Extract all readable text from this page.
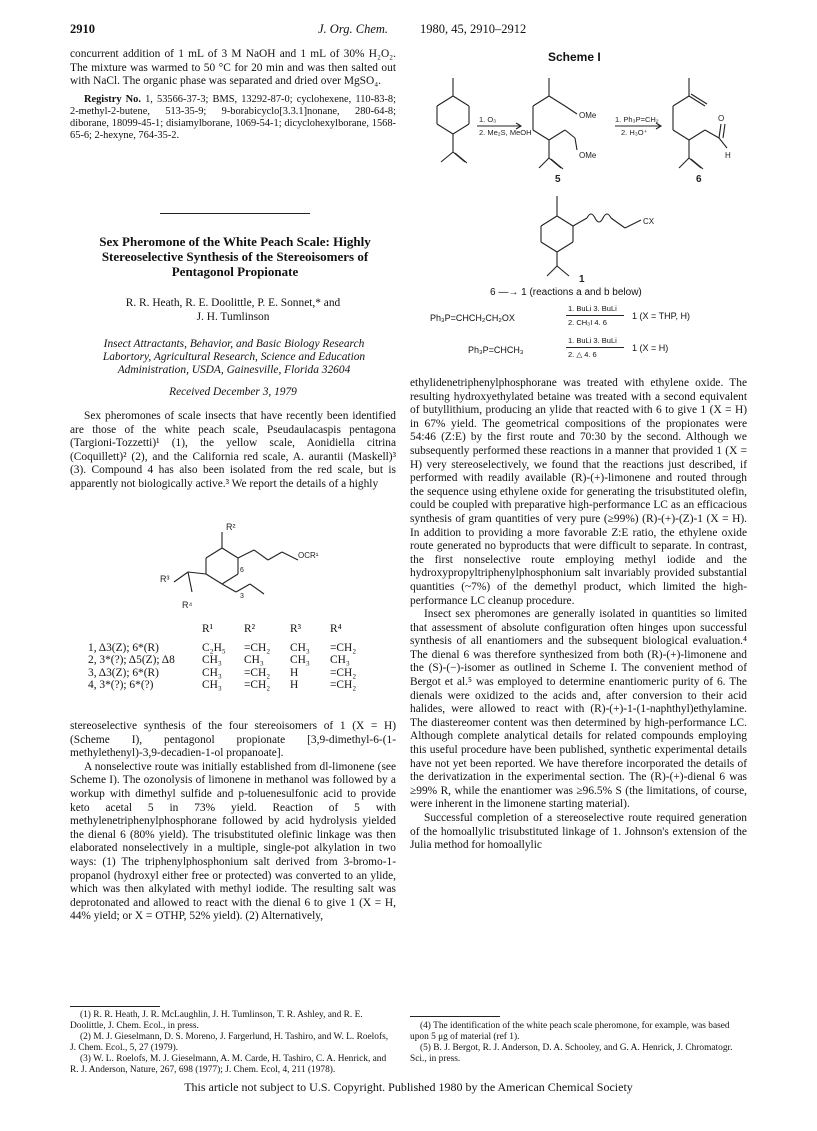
2910	J. Org. Chem.	1980, 45, 2910–2912

concurrent addition of 1 mL of 3 M NaOH and 1 mL of 30% H₂O₂. The mixture was warmed to 50 °C for 20 min and was then salted out with NaCl. The organic phase was separated and dried over MgSO₄.

Registry No. 1, 53566-37-3; BMS, 13292-87-0; cyclohexene, 110-83-8; 2-methyl-2-butene, 513-35-9; 9-borabicyclo[3.3.1]nonane, 280-64-8; diborane, 18099-45-1; disiamylborane, 1069-54-1; dicyclohexylborane, 1568-65-6; 2-hexyne, 764-35-2.

Sex Pheromone of the White Peach Scale: Highly Stereoselective Synthesis of the Stereoisomers of Pentagonol Propionate
R. R. Heath, R. E. Doolittle, P. E. Sonnet,* and
J. H. Tumlinson
Insect Attractants, Behavior, and Basic Biology Research Labortory, Agricultural Research, Science and Education Administration, USDA, Gainesville, Florida 32604
Received December 3, 1979

Sex pheromones of scale insects that have recently been identified are those of the white peach scale, Pseudaulacaspis pentagona (Targioni-Tozzetti)¹ (1), the yellow scale, Aonidiella citrina (Coquillett)² (2), and the California red scale, A. aurantii (Maskell)³ (3). Compound 4 has also been isolated from the red scale, but is apparently not biologically active.³ We report the details of a highly

R²
OCR¹
R³
R⁴
6
3
	R¹	R²	R³	R⁴

1, Δ3(Z); 6*(R)	C₂H₅	=CH₂	CH₃	=CH₂
2, 3*(?); Δ5(Z); Δ8	CH₃	CH₃	CH₃	CH₃
3, Δ3(Z); 6*(R)	CH₃	=CH₂	H	=CH₂
4, 3*(?); 6*(?)	CH₃	=CH₂	H	=CH₂

stereoselective synthesis of the four stereoisomers of 1 (X = H) (Scheme I), pentagonol propionate [3,9-dimethyl-6-(1-methylethenyl)-3,9-decadien-1-ol propanoate].

A nonselective route was initially established from dl-limonene (see Scheme I). The ozonolysis of limonene in methanol was followed by a workup with dimethyl sulfide and p-toluenesulfonic acid to provide keto acetal 5 in 73% yield. Reaction of 5 with methylenetriphenylphosphorane followed by acid hydrolysis yielded the dienal 6 (80% yield). The trisubstituted olefinic linkage was then elaborated nonselectively in a multiple, single-pot alkylation in two ways: (1) The triphenylphosphonium salt derived from 3-bromo-1-propanol (hydroxyl either free or protected) was converted to an ylide, which was then alkylated with methyl iodide. The resulting salt was deprotonated and allowed to react with the dienal 6 to give 1 (X = H, 44% yield; or X = OTHP, 52% yield). (2) Alternatively,

(1) R. R. Heath, J. R. McLaughlin, J. H. Tumlinson, T. R. Ashley, and R. E. Doolittle, J. Chem. Ecol., in press.
(2) M. J. Gieselmann, D. S. Moreno, J. Fargerlund, H. Tashiro, and W. L. Roelofs, J. Chem. Ecol., 5, 27 (1979).
(3) W. L. Roelofs, M. J. Gieselmann, A. M. Carde, H. Tashiro, C. A. Henrick, and R. J. Anderson, Nature, 267, 698 (1977); J. Chem. Ecol, 4, 211 (1978).
Scheme I
1. O₃
2. Me₂S, MeOH
OMe
OMe
1. Ph₃P=CH₂
2. H₃O⁺
O
H
5	6
CX
1
6 —→ 1 (reactions a and b below)
Ph₃P=CHCH₂CH₂OX
1. BuLi 3. BuLi
2. CH₃I 4. 6
1 (X = THP, H)
Ph₃P=CHCH₃
1. BuLi 3. BuLi
2. △ 4. 6
1 (X = H)

ethylidenetriphenylphosphorane was treated with ethylene oxide. The resulting hydroxyethylated betaine was treated with a second equivalent of butyllithium, producing an ylide that reacted with 6 to give 1 (X = H) in 67% yield. The geometrical compositions of the propionates were 54:46 (Z:E) by the first route and 70:30 by the second. Although we subsequently performed these reactions in a manner that provided 1 (X = H) very stereoselectively, we found that the reactions just described, if performed with readily available (R)-(+)-limonene and routed through the sequence using ethylene oxide for generating the trisubstituted olefin, could be coupled with preparative high-performance LC as an efficacious synthesis of gram quantities of very pure (≥99%) (R)-(+)-(Z)-1 (X = H). In addition to providing a more favorable Z:E ratio, the ethylene oxide route generated no byproducts that were difficult to separate. In contrast, the first nonselective route employing methyl iodide and the hydroxypropyltriphenylphosphonium salt invariably provided substantial quantities (~7%) of the demethyl product, which limited the high-performance LC cleanup procedure.

Insect sex pheromones are generally isolated in quantities so limited that assessment of absolute configuration often hinges upon successful synthesis of all enantiomers and the subsequent biological evaluation.⁴ The dienal 6 was therefore synthesized from both (R)-(+)-limonene and the (S)-(−)-isomer as outlined in Scheme I. The convenient method of Bergot et al.⁵ was employed to determine enantiomeric purity of 6. The dienals were oxidized to the acids and, after conversion to their acid halides, were allowed to react with (R)-(+)-1-(1-naphthyl)ethylamine. The diastereomer content was then determined by high-performance LC. Although complete analytical details for related compounds employing this useful procedure have been published, synthetic experimental details have not yet been reported. We have therefore incorporated the details of the derivatization in the experimental section. The (R)-(+)-dienal 6 was ≥99% R, while the enantiomer was ≥96.5% S (the limitations, of course, were inherent in the limonene starting material).

Successful completion of a stereoselective route required generation of the homoallylic trisubstituted linkage of 1. Johnson's extension of the Julia method for homoallylic

(4) The identification of the white peach scale pheromone, for example, was based upon 5 μg of material (ref 1).
(5) B. J. Bergot, R. J. Anderson, D. A. Schooley, and G. A. Henrick, J. Chromatogr. Sci., in press.
This article not subject to U.S. Copyright. Published 1980 by the American Chemical Society
